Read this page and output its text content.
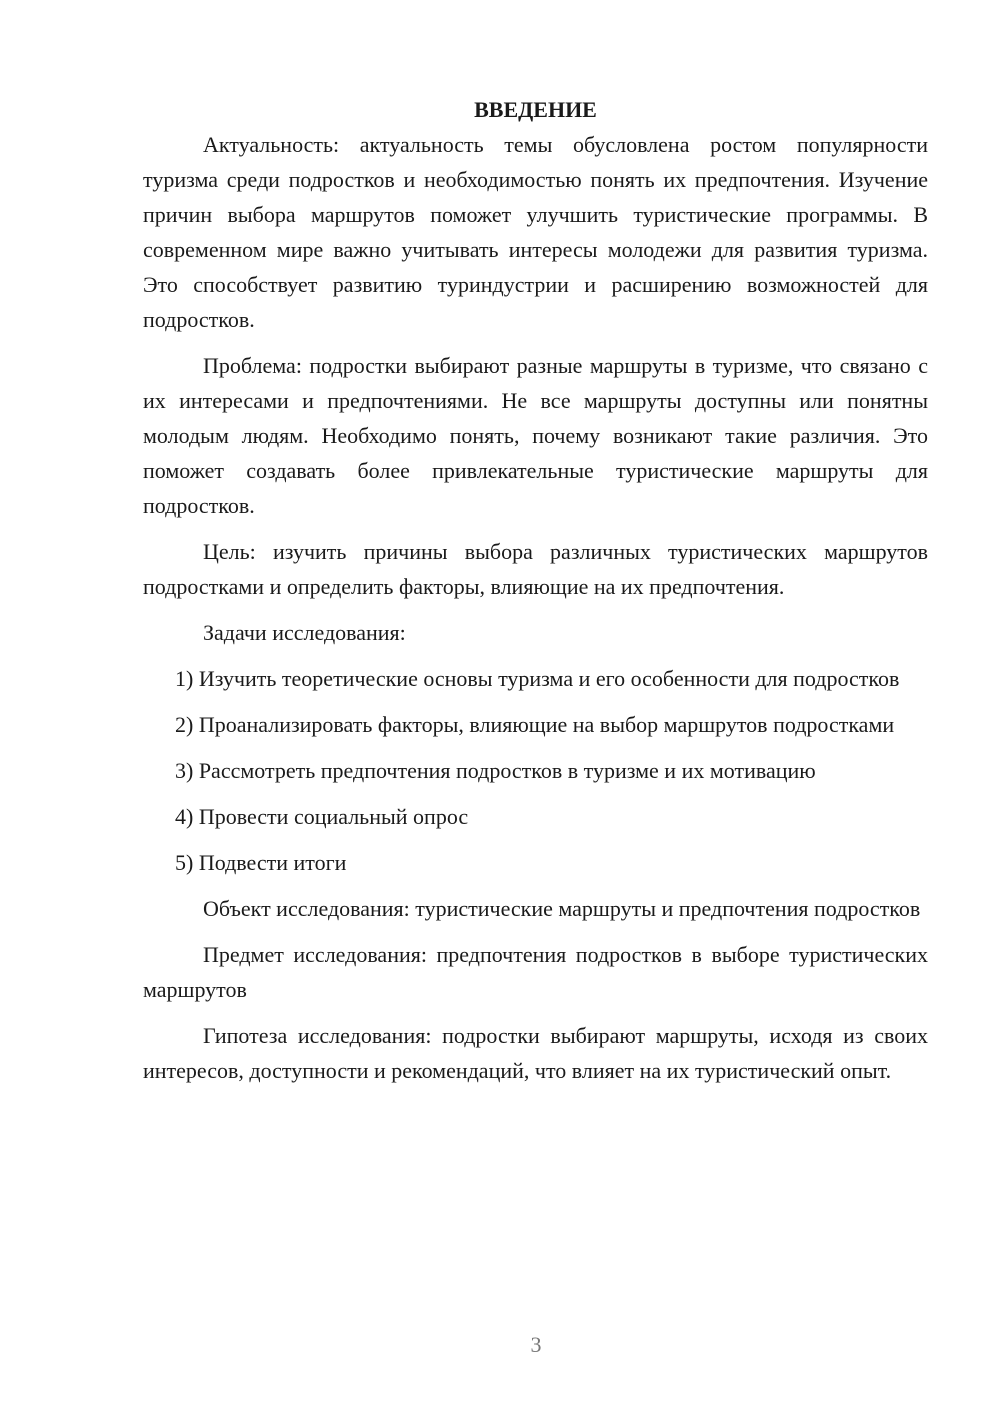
ВВЕДЕНИЕ

Актуальность: актуальность темы обусловлена ростом популярности туризма среди подростков и необходимостью понять их предпочтения. Изучение причин выбора маршрутов поможет улучшить туристические программы. В современном мире важно учитывать интересы молодежи для развития туризма. Это способствует развитию туриндустрии и расширению возможностей для подростков.

Проблема: подростки выбирают разные маршруты в туризме, что связано с их интересами и предпочтениями. Не все маршруты доступны или понятны молодым людям. Необходимо понять, почему возникают такие различия. Это поможет создавать более привлекательные туристические маршруты для подростков.

Цель: изучить причины выбора различных туристических маршрутов подростками и определить факторы, влияющие на их предпочтения.

Задачи исследования:

1) Изучить теоретические основы туризма и его особенности для подростков

2) Проанализировать факторы, влияющие на выбор маршрутов подростками

3) Рассмотреть предпочтения подростков в туризме и их мотивацию

4) Провести социальный опрос

5) Подвести итоги

Объект исследования: туристические маршруты и предпочтения подростков

Предмет исследования: предпочтения подростков в выборе туристических маршрутов

Гипотеза исследования: подростки выбирают маршруты, исходя из своих интересов, доступности и рекомендаций, что влияет на их туристический опыт.

3
